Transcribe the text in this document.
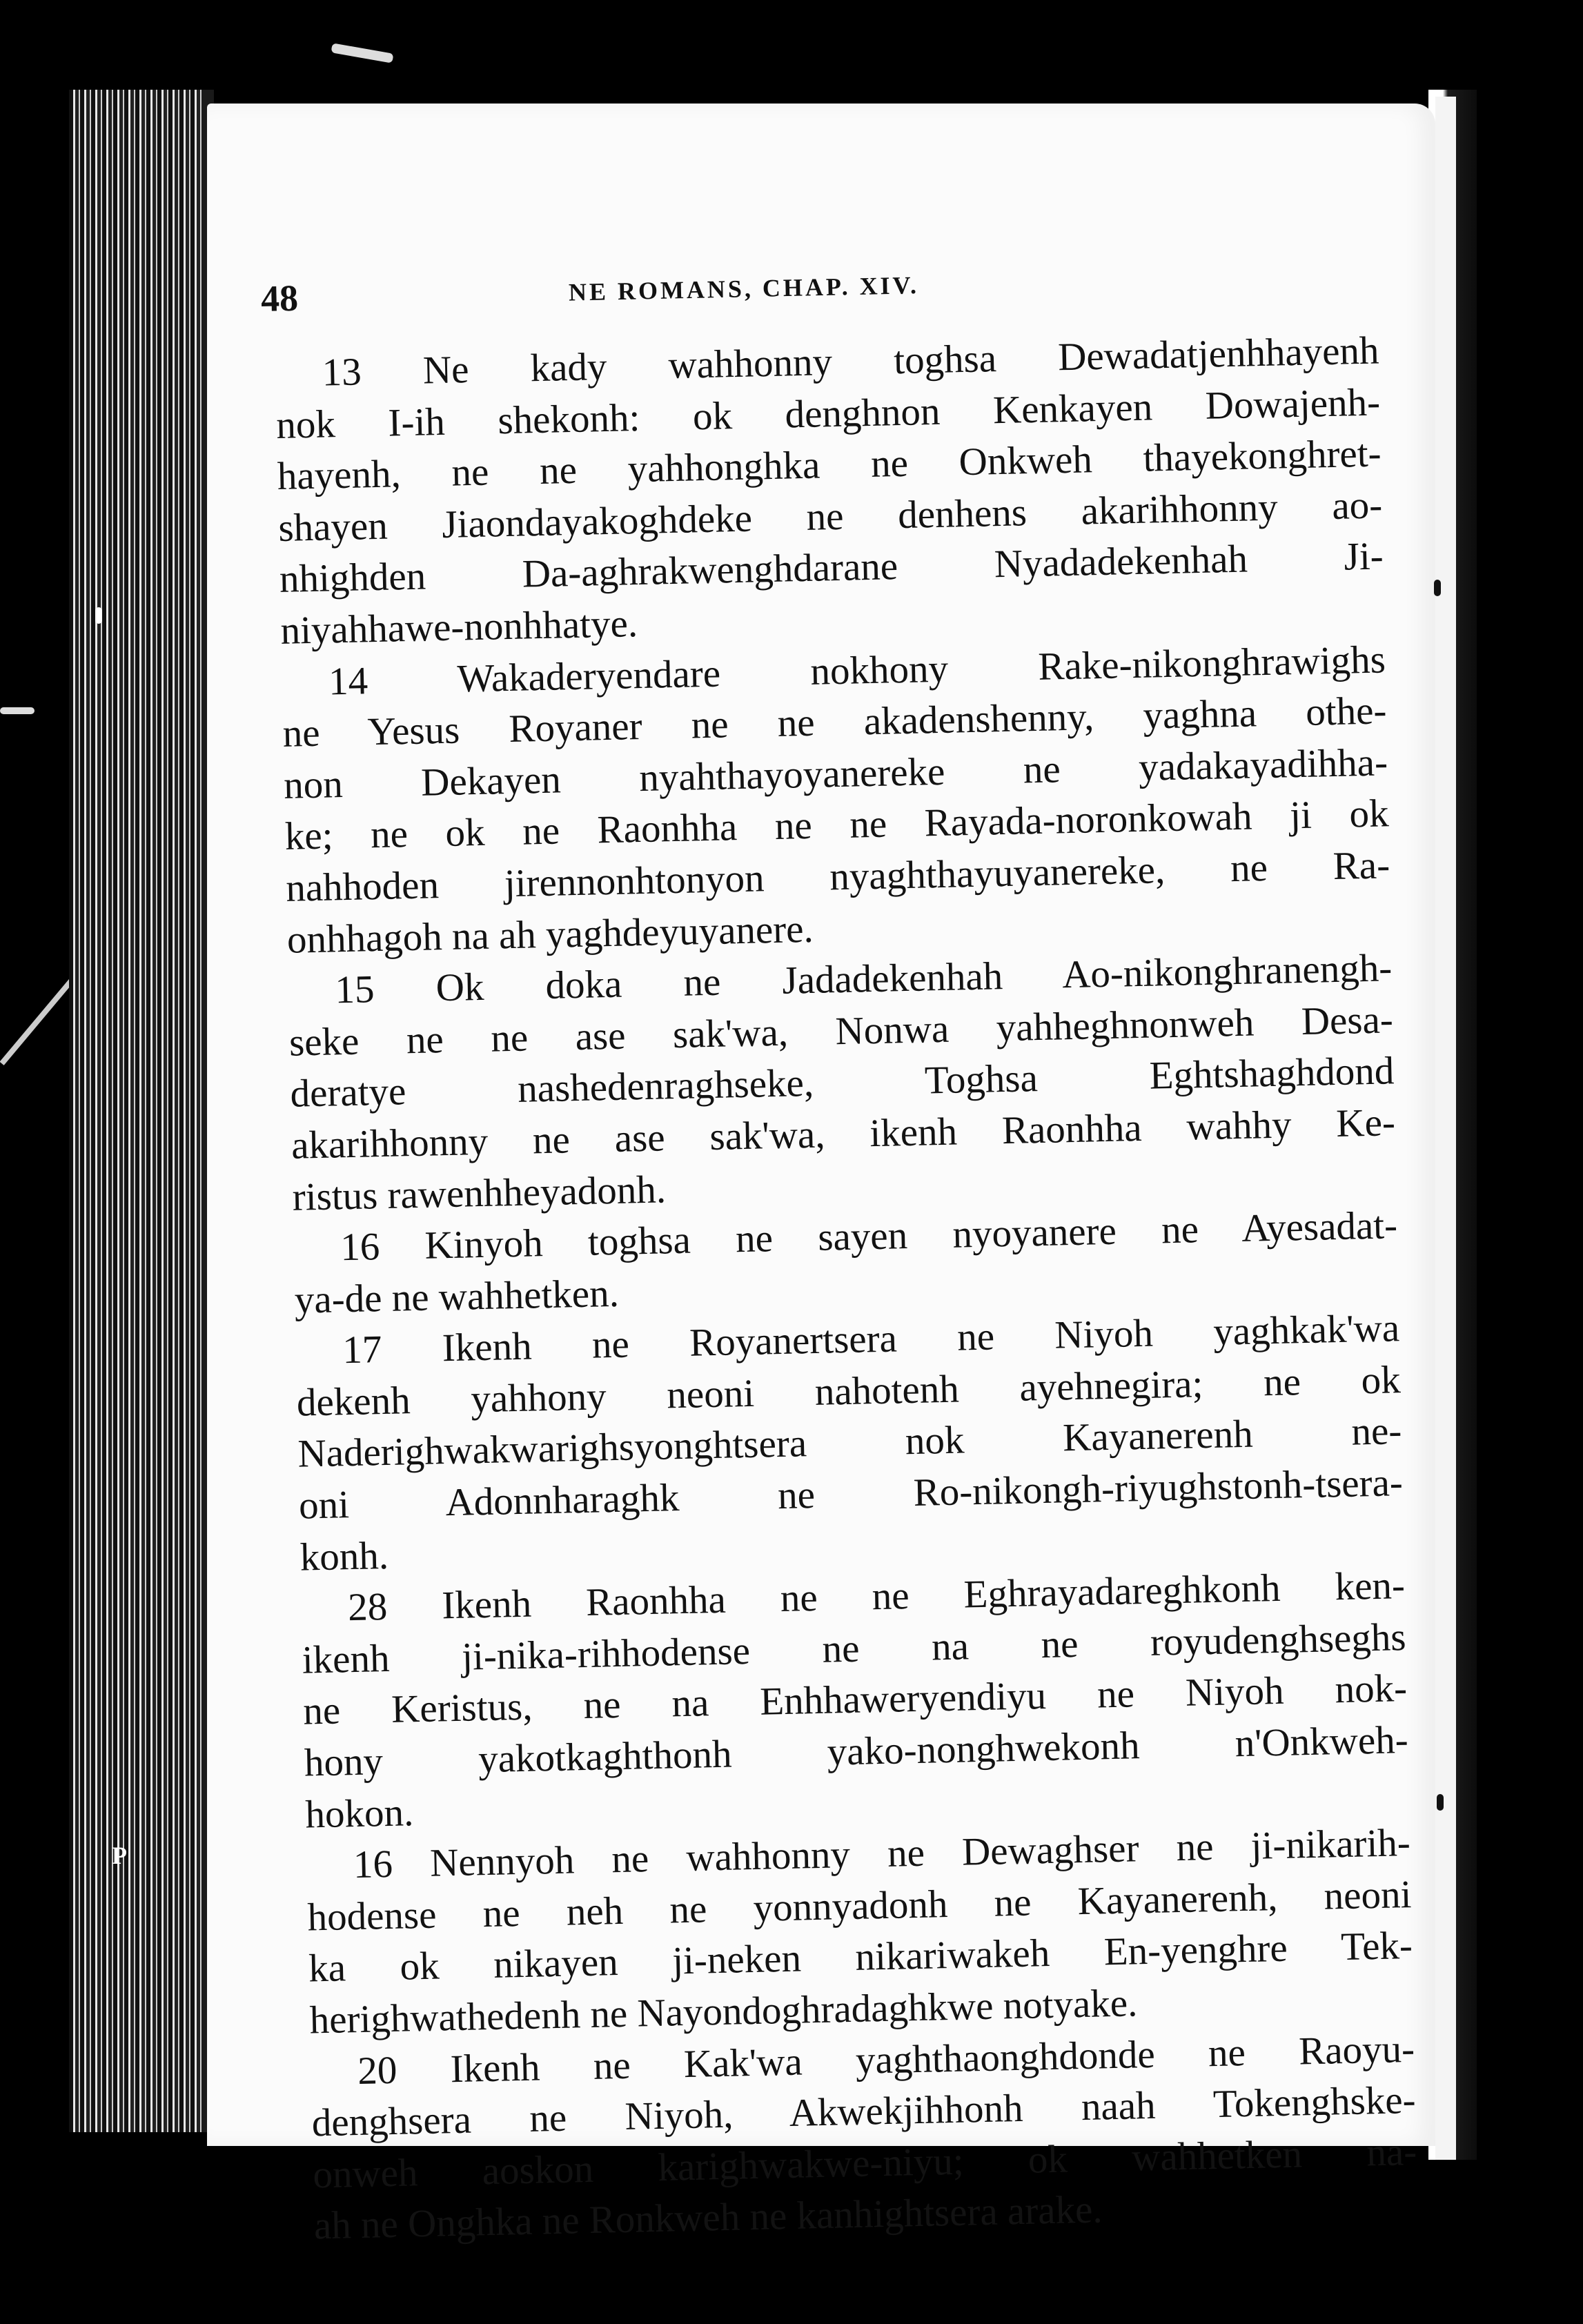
P
48	NE ROMANS, CHAP. XIV.

13 Ne kady wahhonny toghsa Dewadatjenhhayenh
nok I-ih shekonh: ok denghnon Kenkayen Dowajenh-
hayenh, ne ne yahhonghka ne Onkweh thayekonghret-
shayen Jiaondayakoghdeke ne denhens akarihhonny ao-
nhighden Da-aghrakwenghdarane Nyadadekenhah Ji-
niyahhawe-nonhhatye.

14 Wakaderyendare nokhony Rake-nikonghrawighs
ne Yesus Royaner ne ne akadenshenny, yaghna othe-
non Dekayen nyahthayoyanereke ne yadakayadihha-
ke; ne ok ne Raonhha ne ne Rayada-noronkowah ji ok
nahhoden jirennonhtonyon nyaghthayuyanereke, ne Ra-
onhhagoh na ah yaghdeyuyanere.

15 Ok doka ne Jadadekenhah Ao-nikonghranengh-
seke ne ne ase sak'wa, Nonwa yahheghnonweh Desa-
deratye nashedenraghseke, Toghsa Eghtshaghdond
akarihhonny ne ase sak'wa, ikenh Raonhha wahhy Ke-
ristus rawenhheyadonh.

16 Kinyoh toghsa ne sayen nyoyanere ne Ayesadat-
ya-de ne wahhetken.

17 Ikenh ne Royanertsera ne Niyoh yaghkak'wa
dekenh yahhony neoni nahotenh ayehnegira; ne ok
Naderighwakwarighsyonghtsera nok Kayanerenh ne-
oni Adonnharaghk ne Ro-nikongh-riyughstonh-tsera-
konh.

28 Ikenh Raonhha ne ne Eghrayadareghkonh ken-
ikenh ji-nika-rihhodense ne na ne royudenghseghs
ne Keristus, ne na Enhhaweryendiyu ne Niyoh nok-
hony yakotkaghthonh yako-nonghwekonh n'Onkweh-
hokon.

16 Nennyoh ne wahhonny ne Dewaghser ne ji-nikarih-
hodense ne neh ne yonnyadonh ne Kayanerenh, neoni
ka ok nikayen ji-neken nikariwakeh En-yenghre Tek-
herighwathedenh ne Nayondoghradaghkwe notyake.

20 Ikenh ne Kak'wa yaghthaonghdonde ne Raoyu-
denghsera ne Niyoh, Akwekjihhonh naah Tokenghske-
onweh aoskon karighwakwe-niyu; ok wahhetken na-
ah ne Onghka ne Ronkweh ne kanhightsera arake.
